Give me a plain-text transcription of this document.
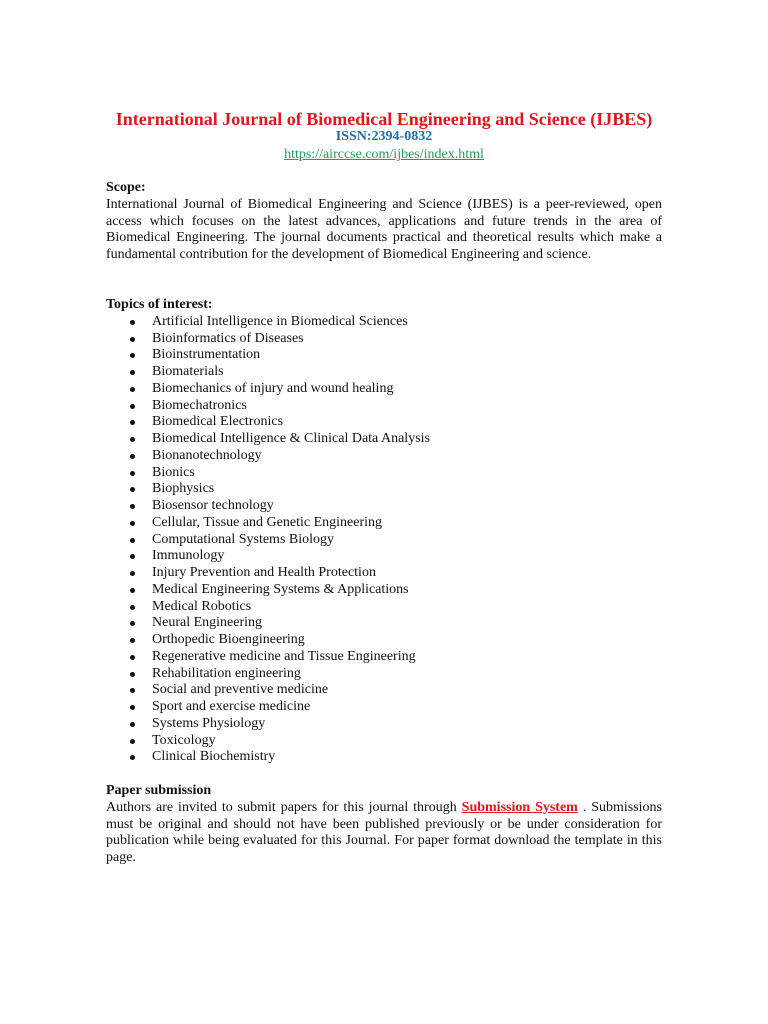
International Journal of Biomedical Engineering and Science (IJBES)
ISSN:2394-0832
https://airccse.com/ijbes/index.html
Scope:
International Journal of Biomedical Engineering and Science (IJBES) is a peer-reviewed, open access which focuses on the latest advances, applications and future trends in the area of Biomedical Engineering. The journal documents practical and theoretical results which make a fundamental contribution for the development of Biomedical Engineering and science.
Topics of interest:
Artificial Intelligence in Biomedical Sciences
Bioinformatics of Diseases
Bioinstrumentation
Biomaterials
Biomechanics of injury and wound healing
Biomechatronics
Biomedical Electronics
Biomedical Intelligence & Clinical Data Analysis
Bionanotechnology
Bionics
Biophysics
Biosensor technology
Cellular, Tissue and Genetic Engineering
Computational Systems Biology
Immunology
Injury Prevention and Health Protection
Medical Engineering Systems & Applications
Medical Robotics
Neural Engineering
Orthopedic Bioengineering
Regenerative medicine and Tissue Engineering
Rehabilitation engineering
Social and preventive medicine
Sport and exercise medicine
Systems Physiology
Toxicology
Clinical Biochemistry
Paper submission
Authors are invited to submit papers for this journal through Submission System . Submissions must be original and should not have been published previously or be under consideration for publication while being evaluated for this Journal. For paper format download the template in this page.
